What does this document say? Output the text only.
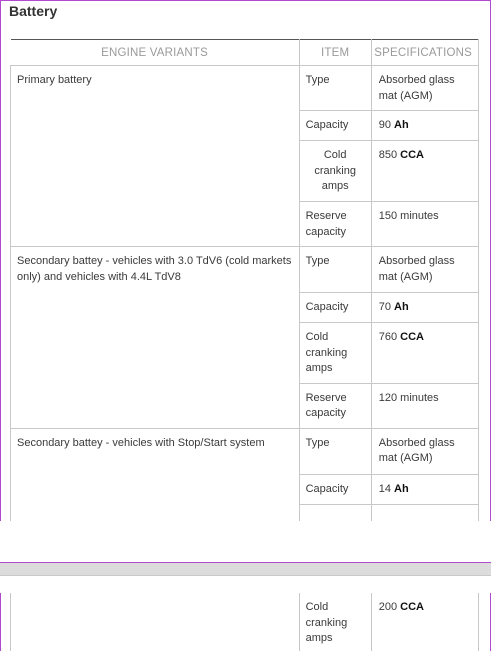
Battery
ENGINE VARIANTS	ITEM	SPECIFICATIONS
Primary battery	Type	Absorbed glass mat (AGM)
	Capacity	90 Ah
	Cold cranking amps	850 CCA
	Reserve capacity	150 minutes
Secondary battey - vehicles with 3.0 TdV6 (cold markets only) and vehicles with 4.4L TdV8	Type	Absorbed glass mat (AGM)
	Capacity	70 Ah
	Cold cranking amps	760 CCA
	Reserve capacity	120 minutes
Secondary battey - vehicles with Stop/Start system	Type	Absorbed glass mat (AGM)
	Capacity	14 Ah

	Cold cranking amps	200 CCA
